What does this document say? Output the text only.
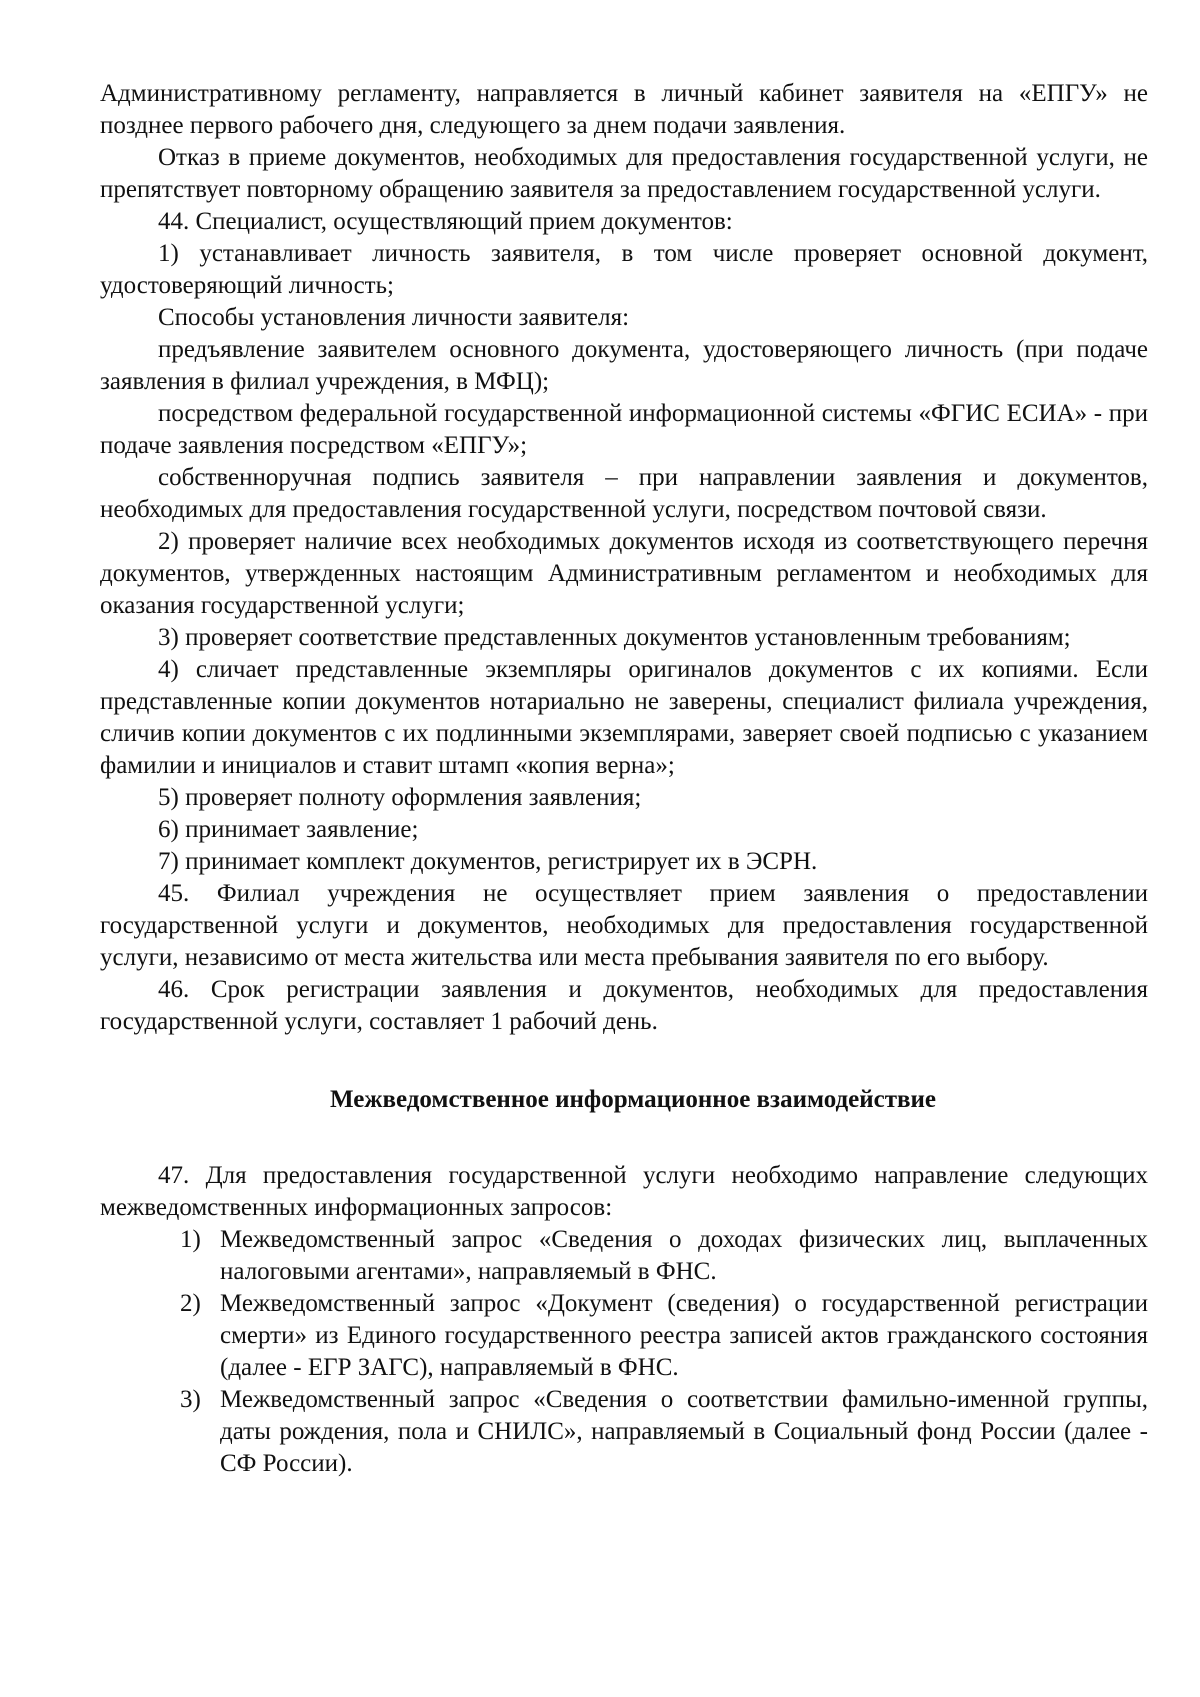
Административному регламенту, направляется в личный кабинет заявителя на «ЕПГУ» не позднее первого рабочего дня, следующего за днем подачи заявления.

Отказ в приеме документов, необходимых для предоставления государственной услуги, не препятствует повторному обращению заявителя за предоставлением государственной услуги.

44. Специалист, осуществляющий прием документов:

1) устанавливает личность заявителя, в том числе проверяет основной документ, удостоверяющий личность;

Способы установления личности заявителя:

предъявление заявителем основного документа, удостоверяющего личность (при подаче заявления в филиал учреждения, в МФЦ);

посредством федеральной государственной информационной системы «ФГИС ЕСИА» - при подаче заявления посредством «ЕПГУ»;

собственноручная подпись заявителя – при направлении заявления и документов, необходимых для предоставления государственной услуги, посредством почтовой связи.

2) проверяет наличие всех необходимых документов исходя из соответствующего перечня документов, утвержденных настоящим Административным регламентом и необходимых для оказания государственной услуги;

3) проверяет соответствие представленных документов установленным требованиям;

4) сличает представленные экземпляры оригиналов документов с их копиями. Если представленные копии документов нотариально не заверены, специалист филиала учреждения, сличив копии документов с их подлинными экземплярами, заверяет своей подписью с указанием фамилии и инициалов и ставит штамп «копия верна»;

5) проверяет полноту оформления заявления;

6) принимает заявление;

7) принимает комплект документов, регистрирует их в ЭСРН.

45. Филиал учреждения не осуществляет прием заявления о предоставлении государственной услуги и документов, необходимых для предоставления государственной услуги, независимо от места жительства или места пребывания заявителя по его выбору.

46. Срок регистрации заявления и документов, необходимых для предоставления государственной услуги, составляет 1 рабочий день.

Межведомственное информационное взаимодействие

47. Для предоставления государственной услуги необходимо направление следующих межведомственных информационных запросов:

1) Межведомственный запрос «Сведения о доходах физических лиц, выплаченных налоговыми агентами», направляемый в ФНС.
2) Межведомственный запрос «Документ (сведения) о государственной регистрации смерти» из Единого государственного реестра записей актов гражданского состояния (далее - ЕГР ЗАГС), направляемый в ФНС.
3) Межведомственный запрос «Сведения о соответствии фамильно-именной группы, даты рождения, пола и СНИЛС», направляемый в Социальный фонд России (далее - СФ России).
